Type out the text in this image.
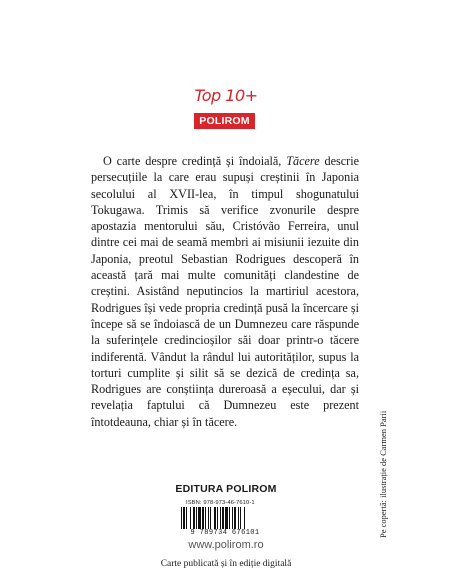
Top 10+
POLIROM
O carte despre credință și îndoială, Tăcere descrie persecuțiile la care erau supuși creștinii în Japonia secolului al XVII-lea, în timpul shogunatului Tokugawa. Trimis să verifice zvonurile despre apostazia mentorului său, Cristóvão Ferreira, unul dintre cei mai de seamă membri ai misiunii iezuite din Japonia, preotul Sebastian Rodrigues descoperă în această țară mai multe comunități clandestine de creștini. Asistând neputincios la martiriul acestora, Rodrigues își vede propria credință pusă la încercare și începe să se îndoiască de un Dumnezeu care răspunde la suferințele credincioșilor săi doar printr-o tăcere indiferentă. Vândut la rândul lui autorităților, supus la torturi cumplite și silit să se dezică de credința sa, Rodrigues are conștiința dureroasă a eșecului, dar și revelația faptului că Dumnezeu este prezent întotdeauna, chiar și în tăcere.
EDITURA POLIROM
ISBN: 978-973-46-7610-1
9 789734 676101
www.polirom.ro
Carte publicată și în ediție digitală
Pe copertă: ilustrație de Carmen Parii
